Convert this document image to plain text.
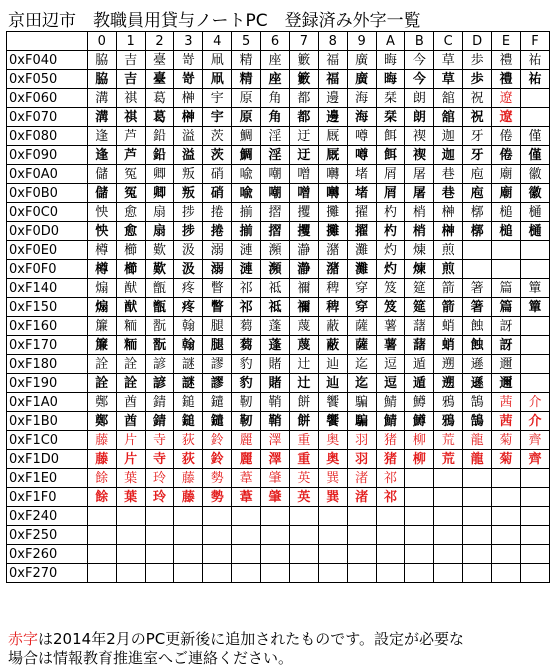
京田辺市　教職員用貸与ノートPC　登録済み外字一覧
	0	1	2	3	4	5	6	7	8	9	A	B	C	D	E	F
0xF040	脇	吉	臺	嵜	凧	精	座	籔	福	廣	晦	今	草	歩	禮	祐
0xF050	脇	吉	臺	嵜	凧	精	座	籔	福	廣	晦	今	草	歩	禮	祐
0xF060	溝	祺	葛	榊	宇	原	角	都	邊	海	栞	朗	舘	祝	遼	
0xF070	溝	祺	葛	榊	宇	原	角	都	邊	海	栞	朗	舘	祝	遼	
0xF080	逢	芦	鉛	溢	茨	鯛	淫	迂	厩	噂	餌	禊	迦	牙	倦	僅
0xF090	逢	芦	鉛	溢	茨	鯛	淫	迂	厩	噂	餌	禊	迦	牙	倦	僅
0xF0A0	儲	冤	卿	叛	硝	喩	嘲	噌	囀	堵	屑	屠	巷	庖	廟	徽
0xF0B0	儲	冤	卿	叛	硝	喩	嘲	噌	囀	堵	屑	屠	巷	庖	廟	徽
0xF0C0	怏	愈	扇	捗	捲	揃	摺	攫	攤	擢	杓	梢	榊	槨	槌	樋
0xF0D0	怏	愈	扇	捗	捲	揃	摺	攫	攤	擢	杓	梢	榊	槨	槌	樋
0xF0E0	樽	櫛	歎	汲	溺	漣	瀕	瀞	潴	灘	灼	煉	煎			
0xF0F0	樽	櫛	歎	汲	溺	漣	瀕	瀞	潴	灘	灼	煉	煎			
0xF140	煽	猷	甑	疼	瞥	祁	祗	禰	稗	穿	笈	筵	箭	箸	篇	簞
0xF150	煽	猷	甑	疼	瞥	祁	祗	禰	稗	穿	笈	筵	箭	箸	篇	簞
0xF160	簾	粫	翫	翰	腿	蒭	蓬	蔑	蔽	薩	薯	藷	蛸	蝕	訝	
0xF170	簾	粫	翫	翰	腿	蒭	蓬	蔑	蔽	薩	薯	藷	蛸	蝕	訝	
0xF180	詮	詮	諺	謎	謬	豹	賭	辻	辿	迄	逗	遁	遡	遜	邇	
0xF190	詮	詮	諺	謎	謬	豹	賭	辻	辿	迄	逗	遁	遡	遜	邇	
0xF1A0	鄭	酋	錆	鎚	鑓	靭	鞘	餅	饗	騙	鯖	鱒	鴉	鵠	茜	介
0xF1B0	鄭	酋	錆	鎚	鑓	靭	鞘	餅	饗	騙	鯖	鱒	鴉	鵠	茜	介
0xF1C0	藤	片	寺	荻	鈴	麗	澤	重	奥	羽	猪	柳	荒	龍	菊	齊
0xF1D0	藤	片	寺	荻	鈴	麗	澤	重	奥	羽	猪	柳	荒	龍	菊	齊
0xF1E0	餘	葉	玲	藤	勢	葦	肇	英	巽	渚	祁					
0xF1F0	餘	葉	玲	藤	勢	葦	肇	英	巽	渚	祁					
0xF240																
0xF250																
0xF260																
0xF270																
赤字は2014年2月のPC更新後に追加されたものです。設定が必要な
場合は情報教育推進室へご連絡ください。
